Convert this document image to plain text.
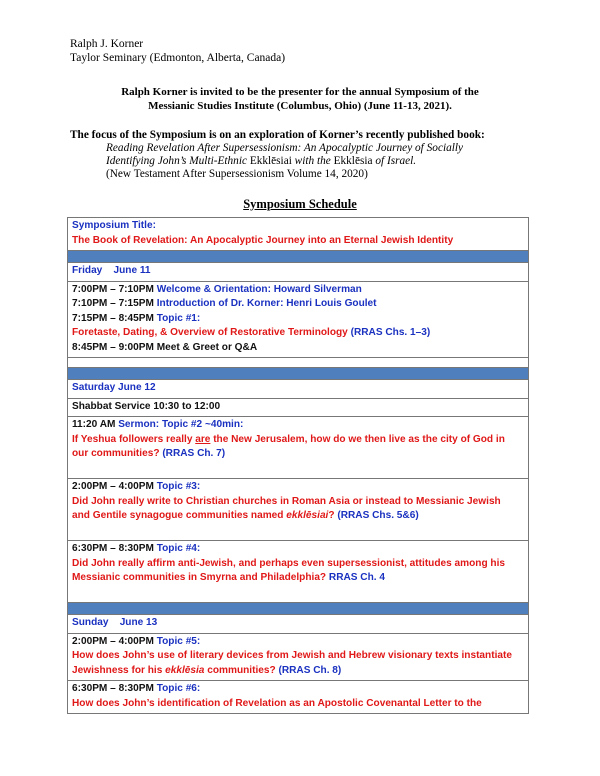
Ralph J. Korner
Taylor Seminary (Edmonton, Alberta, Canada)
Ralph Korner is invited to be the presenter for the annual Symposium of the
Messianic Studies Institute (Columbus, Ohio) (June 11-13, 2021).
The focus of the Symposium is on an exploration of Korner’s recently published book:
Reading Revelation After Supersessionism: An Apocalyptic Journey of Socially
Identifying John’s Multi-Ethnic Ekklēsiai with the Ekklēsia of Israel.
(New Testament After Supersessionism Volume 14, 2020)
Symposium Schedule
Symposium Title:
The Book of Revelation: An Apocalyptic Journey into an Eternal Jewish Identity

Friday June 11

7:00PM – 7:10PM Welcome & Orientation: Howard Silverman
7:10PM – 7:15PM Introduction of Dr. Korner: Henri Louis Goulet
7:15PM – 8:45PM Topic #1:
Foretaste, Dating, & Overview of Restorative Terminology (RRAS Chs. 1–3)
8:45PM – 9:00PM Meet & Greet or Q&A

Saturday June 12
Shabbat Service 10:30 to 12:00

11:20 AM Sermon: Topic #2 ~40min:
If Yeshua followers really are the New Jerusalem, how do we then live as the city of God in
our communities? (RRAS Ch. 7)

2:00PM – 4:00PM Topic #3:
Did John really write to Christian churches in Roman Asia or instead to Messianic Jewish
and Gentile synagogue communities named ekklēsiai? (RRAS Chs. 5&6)

6:30PM – 8:30PM Topic #4:
Did John really affirm anti-Jewish, and perhaps even supersessionist, attitudes among his
Messianic communities in Smyrna and Philadelphia? RRAS Ch. 4

Sunday June 13

2:00PM – 4:00PM Topic #5:
How does John’s use of literary devices from Jewish and Hebrew visionary texts instantiate
Jewishness for his ekklēsia communities? (RRAS Ch. 8)

6:30PM – 8:30PM Topic #6:
How does John’s identification of Revelation as an Apostolic Covenantal Letter to the
